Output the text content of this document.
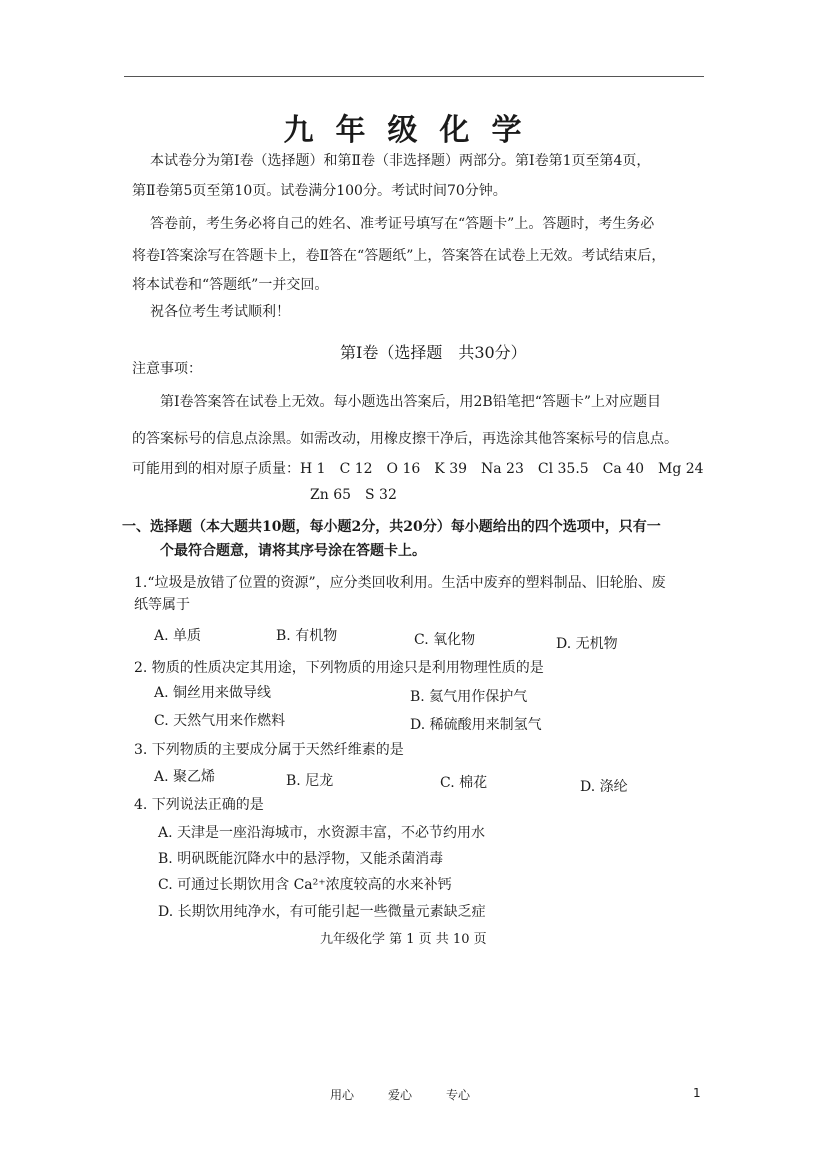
九年级化学
本试卷分为第Ⅰ卷（选择题）和第Ⅱ卷（非选择题）两部分。第Ⅰ卷第1页至第4页，
第Ⅱ卷第5页至第10页。试卷满分100分。考试时间70分钟。
答卷前，考生务必将自己的姓名、准考证号填写在“答题卡”上。答题时，考生务必
将卷Ⅰ答案涂写在答题卡上，卷Ⅱ答在“答题纸”上，答案答在试卷上无效。考试结束后，
将本试卷和“答题纸”一并交回。
祝各位考生考试顺利！
第Ⅰ卷（选择题　共30分）
注意事项：
第Ⅰ卷答案答在试卷上无效。每小题选出答案后，用2B铅笔把“答题卡”上对应题目
的答案标号的信息点涂黑。如需改动，用橡皮擦干净后，再选涂其他答案标号的信息点。
可能用到的相对原子质量：H 1　C 12　O 16　K 39　Na 23　Cl 35.5　Ca 40　Mg 24
Zn 65　S 32
一、选择题（本大题共10题，每小题2分，共20分）每小题给出的四个选项中，只有一
个最符合题意，请将其序号涂在答题卡上。
1.“垃圾是放错了位置的资源”，应分类回收利用。生活中废弃的塑料制品、旧轮胎、废
纸等属于
A. 单质	B. 有机物	C. 氧化物	D. 无机物
2. 物质的性质决定其用途，下列物质的用途只是利用物理性质的是
A. 铜丝用来做导线	B. 氦气用作保护气
C. 天然气用来作燃料	D. 稀硫酸用来制氢气
3. 下列物质的主要成分属于天然纤维素的是
A. 聚乙烯	B. 尼龙	C. 棉花	D. 涤纶
4. 下列说法正确的是
A. 天津是一座沿海城市，水资源丰富，不必节约用水
B. 明矾既能沉降水中的悬浮物，又能杀菌消毒
C. 可通过长期饮用含 Ca²⁺浓度较高的水来补钙
D. 长期饮用纯净水，有可能引起一些微量元素缺乏症
九年级化学 第 1 页 共 10 页
用心	爱心	专心	1
